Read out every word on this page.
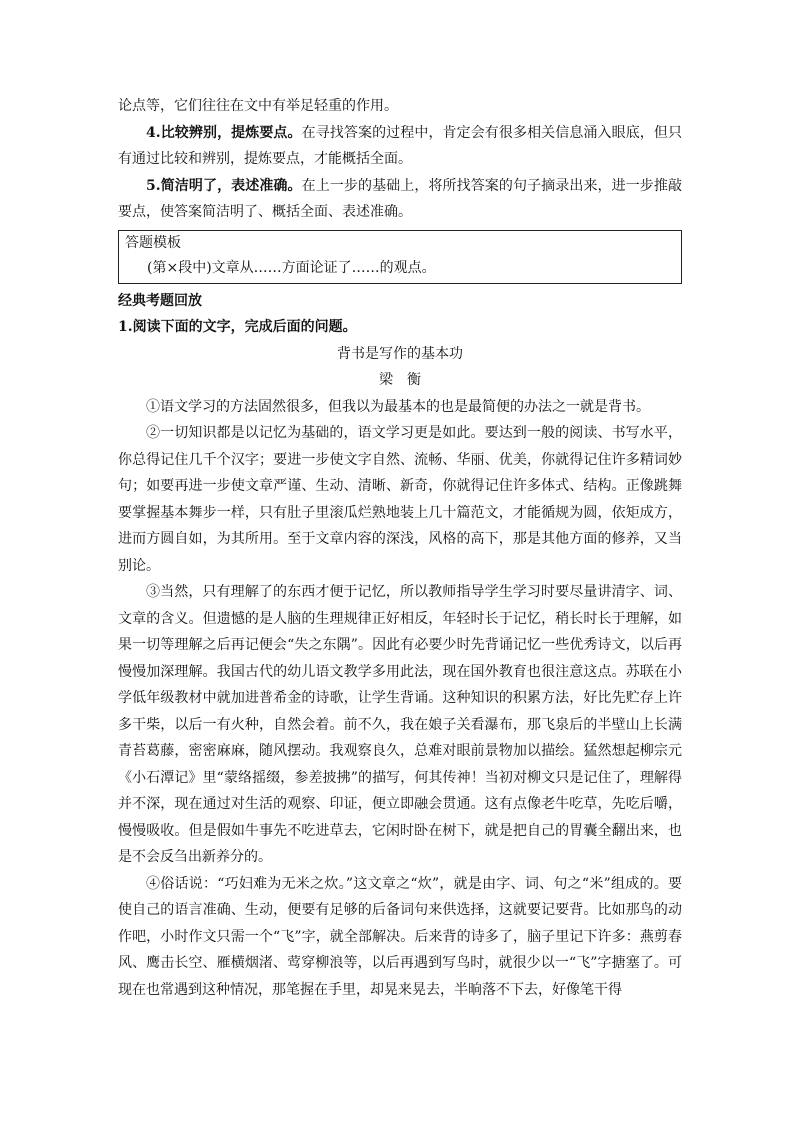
论点等，它们往往在文中有举足轻重的作用。

4.比较辨别，提炼要点。在寻找答案的过程中，肯定会有很多相关信息涌入眼底，但只有通过比较和辨别，提炼要点，才能概括全面。

5.简洁明了，表述准确。在上一步的基础上，将所找答案的句子摘录出来，进一步推敲要点，使答案简洁明了、概括全面、表述准确。

答题模板

(第×段中)文章从……方面论证了……的观点。

经典考题回放

1.阅读下面的文字，完成后面的问题。

背书是写作的基本功

梁衡

①语文学习的方法固然很多，但我以为最基本的也是最简便的办法之一就是背书。

②一切知识都是以记忆为基础的，语文学习更是如此。要达到一般的阅读、书写水平，你总得记住几千个汉字；要进一步使文字自然、流畅、华丽、优美，你就得记住许多精词妙句；如要再进一步使文章严谨、生动、清晰、新奇，你就得记住许多体式、结构。正像跳舞要掌握基本舞步一样，只有肚子里滚瓜烂熟地装上几十篇范文，才能循规为圆，依矩成方，进而方圆自如，为其所用。至于文章内容的深浅，风格的高下，那是其他方面的修养，又当别论。

③当然，只有理解了的东西才便于记忆，所以教师指导学生学习时要尽量讲清字、词、文章的含义。但遗憾的是人脑的生理规律正好相反，年轻时长于记忆，稍长时长于理解，如果一切等理解之后再记便会“失之东隅”。因此有必要少时先背诵记忆一些优秀诗文，以后再慢慢加深理解。我国古代的幼儿语文教学多用此法，现在国外教育也很注意这点。苏联在小学低年级教材中就加进普希金的诗歌，让学生背诵。这种知识的积累方法，好比先贮存上许多干柴，以后一有火种，自然会着。前不久，我在娘子关看瀑布，那飞泉后的半壁山上长满青苔葛藤，密密麻麻，随风摆动。我观察良久，总难对眼前景物加以描绘。猛然想起柳宗元《小石潭记》里“蒙络摇缀，参差披拂”的描写，何其传神！当初对柳文只是记住了，理解得并不深，现在通过对生活的观察、印证，便立即融会贯通。这有点像老牛吃草，先吃后嚼，慢慢吸收。但是假如牛事先不吃进草去，它闲时卧在树下，就是把自己的胃囊全翻出来，也是不会反刍出新养分的。

④俗话说：“巧妇难为无米之炊。”这文章之“炊”，就是由字、词、句之“米”组成的。要使自己的语言准确、生动，便要有足够的后备词句来供选择，这就要记要背。比如那鸟的动作吧，小时作文只需一个“飞”字，就全部解决。后来背的诗多了，脑子里记下许多：燕剪春风、鹰击长空、雁横烟渚、莺穿柳浪等，以后再遇到写鸟时，就很少以一“飞”字搪塞了。可现在也常遇到这种情况，那笔握在手里，却晃来晃去，半晌落不下去，好像笔干得
